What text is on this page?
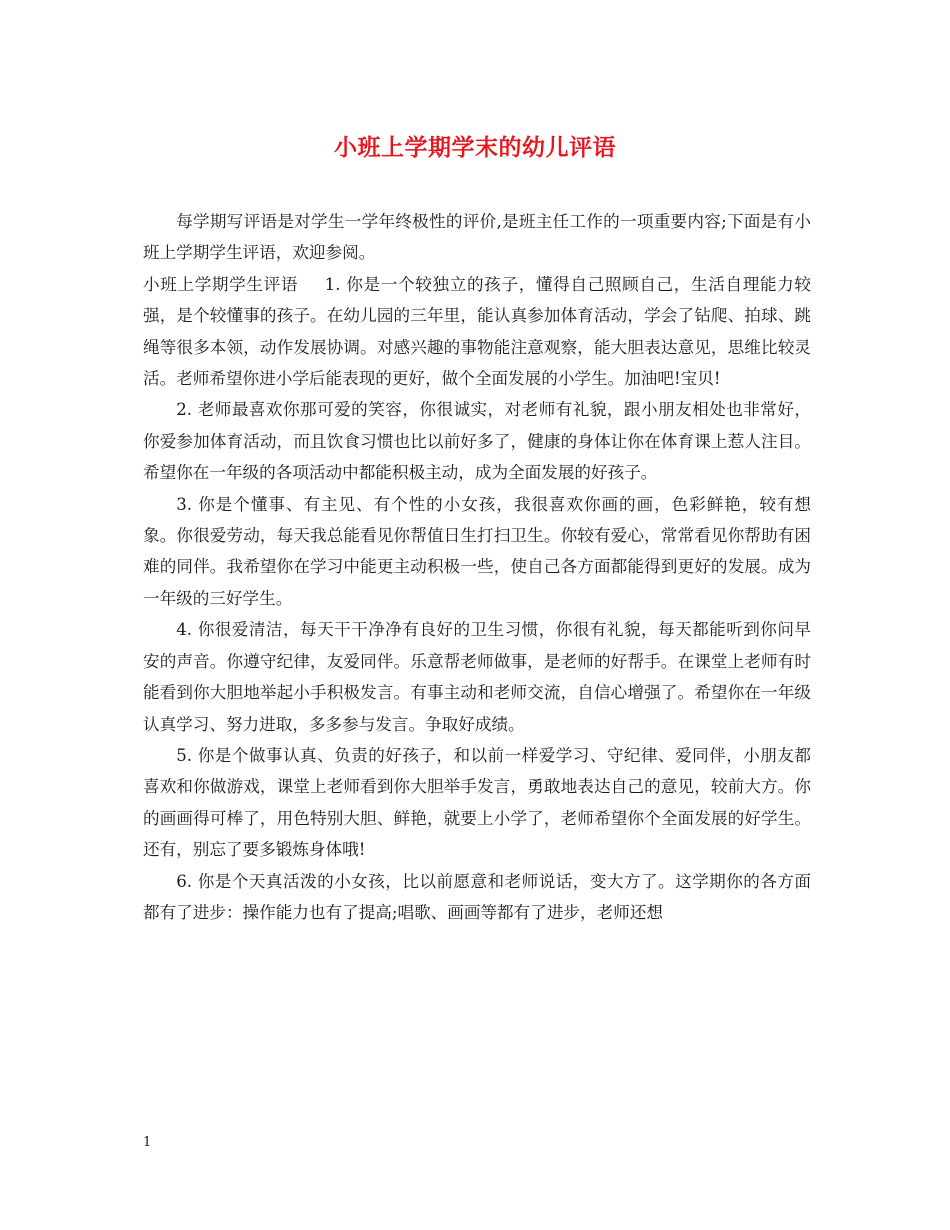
小班上学期学末的幼儿评语

每学期写评语是对学生一学年终极性的评价,是班主任工作的一项重要内容;下面是有小班上学期学生评语，欢迎参阅。

小班上学期学生评语 1. 你是一个较独立的孩子，懂得自己照顾自己，生活自理能力较强，是个较懂事的孩子。在幼儿园的三年里，能认真参加体育活动，学会了钻爬、拍球、跳绳等很多本领，动作发展协调。对感兴趣的事物能注意观察，能大胆表达意见，思维比较灵活。老师希望你进小学后能表现的更好，做个全面发展的小学生。加油吧!宝贝!

2. 老师最喜欢你那可爱的笑容，你很诚实，对老师有礼貌，跟小朋友相处也非常好，你爱参加体育活动，而且饮食习惯也比以前好多了，健康的身体让你在体育课上惹人注目。希望你在一年级的各项活动中都能积极主动，成为全面发展的好孩子。

3. 你是个懂事、有主见、有个性的小女孩，我很喜欢你画的画，色彩鲜艳，较有想象。你很爱劳动，每天我总能看见你帮值日生打扫卫生。你较有爱心，常常看见你帮助有困难的同伴。我希望你在学习中能更主动积极一些，使自己各方面都能得到更好的发展。成为一年级的三好学生。

4. 你很爱清洁，每天干干净净有良好的卫生习惯，你很有礼貌，每天都能听到你问早安的声音。你遵守纪律，友爱同伴。乐意帮老师做事，是老师的好帮手。在课堂上老师有时能看到你大胆地举起小手积极发言。有事主动和老师交流，自信心增强了。希望你在一年级认真学习、努力进取，多多参与发言。争取好成绩。

5. 你是个做事认真、负责的好孩子，和以前一样爱学习、守纪律、爱同伴，小朋友都喜欢和你做游戏，课堂上老师看到你大胆举手发言，勇敢地表达自己的意见，较前大方。你的画画得可棒了，用色特别大胆、鲜艳，就要上小学了，老师希望你个全面发展的好学生。还有，别忘了要多锻炼身体哦!

6. 你是个天真活泼的小女孩，比以前愿意和老师说话，变大方了。这学期你的各方面都有了进步：操作能力也有了提高;唱歌、画画等都有了进步，老师还想

1
